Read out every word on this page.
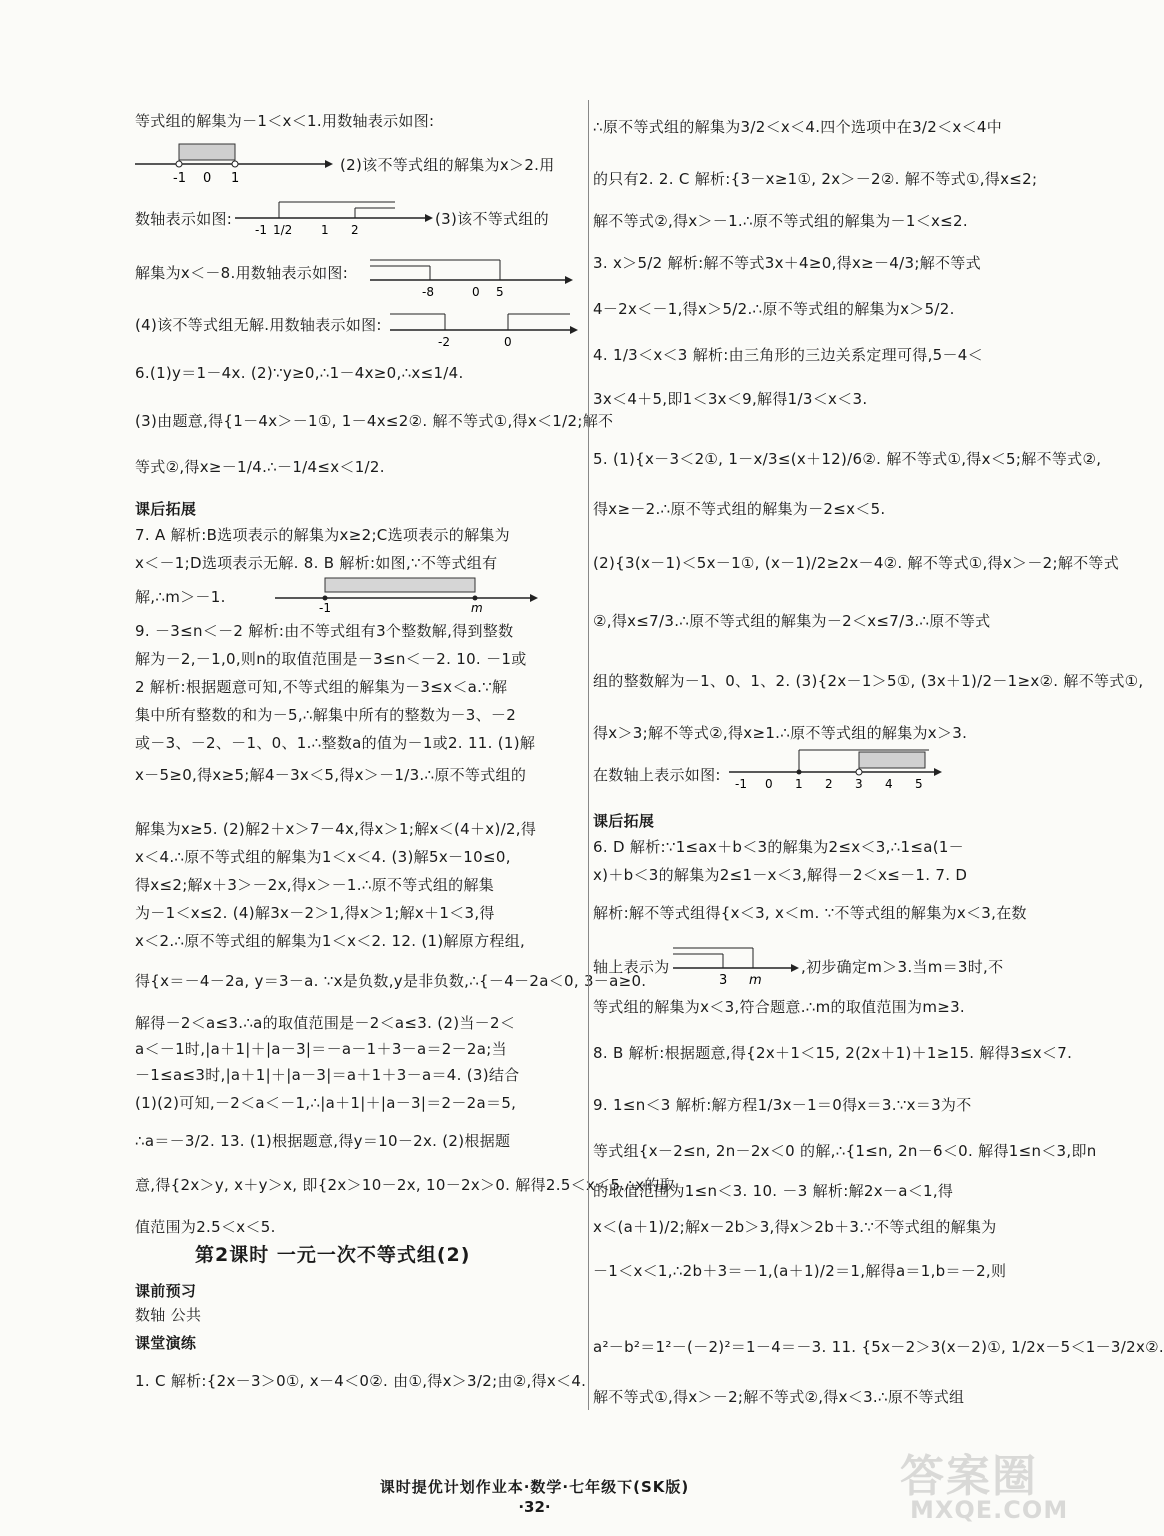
等式组的解集为－1＜x＜1.用数轴表示如图:
(2)该不等式组的解集为x＞2.用
数轴表示如图:	(3)该不等式组的
解集为x＜－8.用数轴表示如图:
(4)该不等式组无解.用数轴表示如图:
6.(1)y＝1－4x. (2)∵y≥0,∴1－4x≥0,∴x≤1/4.
(3)由题意,得{1－4x＞－1①, 1－4x≤2②. 解不等式①,得x＜1/2;解不
等式②,得x≥－1/4.∴－1/4≤x＜1/2.
课后拓展
7. A 解析:B选项表示的解集为x≥2;C选项表示的解集为
x＜－1;D选项表示无解. 8. B 解析:如图,∵不等式组有
解,∴m＞－1.
9. －3≤n＜－2 解析:由不等式组有3个整数解,得到整数
解为－2,－1,0,则n的取值范围是－3≤n＜－2. 10. －1或
2 解析:根据题意可知,不等式组的解集为－3≤x＜a.∵解
集中所有整数的和为－5,∴解集中所有的整数为－3、－2
或－3、－2、－1、0、1.∴整数a的值为－1或2. 11. (1)解
x－5≥0,得x≥5;解4－3x＜5,得x＞－1/3.∴原不等式组的
解集为x≥5. (2)解2＋x＞7－4x,得x＞1;解x＜(4＋x)/2,得
x＜4.∴原不等式组的解集为1＜x＜4. (3)解5x－10≤0,
得x≤2;解x＋3＞－2x,得x＞－1.∴原不等式组的解集
为－1＜x≤2. (4)解3x－2＞1,得x＞1;解x＋1＜3,得
x＜2.∴原不等式组的解集为1＜x＜2. 12. (1)解原方程组,
得{x＝－4－2a, y＝3－a. ∵x是负数,y是非负数,∴{－4－2a＜0, 3－a≥0.
解得－2＜a≤3.∴a的取值范围是－2＜a≤3. (2)当－2＜
a＜－1时,|a＋1|＋|a－3|＝－a－1＋3－a＝2－2a;当
－1≤a≤3时,|a＋1|＋|a－3|＝a＋1＋3－a＝4. (3)结合
(1)(2)可知,－2＜a＜－1,∴|a＋1|＋|a－3|＝2－2a＝5,
∴a＝－3/2. 13. (1)根据题意,得y＝10－2x. (2)根据题
意,得{2x＞y, x＋y＞x, 即{2x＞10－2x, 10－2x＞0. 解得2.5＜x＜5.∴x的取
值范围为2.5＜x＜5.
第2课时 一元一次不等式组(2)
课前预习
数轴 公共
课堂演练
1. C 解析:{2x－3＞0①, x－4＜0②. 由①,得x＞3/2;由②,得x＜4.
-1 0 1
-1 1/2 1 2
-8	0 5
-2	0
-1	m
∴原不等式组的解集为3/2＜x＜4.四个选项中在3/2＜x＜4中
的只有2. 2. C 解析:{3－x≥1①, 2x＞－2②. 解不等式①,得x≤2;
解不等式②,得x＞－1.∴原不等式组的解集为－1＜x≤2.
3. x＞5/2 解析:解不等式3x＋4≥0,得x≥－4/3;解不等式
4－2x＜－1,得x＞5/2.∴原不等式组的解集为x＞5/2.
4. 1/3＜x＜3 解析:由三角形的三边关系定理可得,5－4＜
3x＜4＋5,即1＜3x＜9,解得1/3＜x＜3.
5. (1){x－3＜2①, 1－x/3≤(x＋12)/6②. 解不等式①,得x＜5;解不等式②,
得x≥－2.∴原不等式组的解集为－2≤x＜5.
(2){3(x－1)＜5x－1①, (x－1)/2≥2x－4②. 解不等式①,得x＞－2;解不等式
②,得x≤7/3.∴原不等式组的解集为－2＜x≤7/3.∴原不等式
组的整数解为－1、0、1、2. (3){2x－1＞5①, (3x＋1)/2－1≥x②. 解不等式①,
得x＞3;解不等式②,得x≥1.∴原不等式组的解集为x＞3.
在数轴上表示如图:
课后拓展
6. D 解析:∵1≤ax＋b＜3的解集为2≤x＜3,∴1≤a(1－
x)＋b＜3的解集为2≤1－x＜3,解得－2＜x≤－1. 7. D
解析:解不等式组得{x＜3, x＜m. ∵不等式组的解集为x＜3,在数
轴上表示为	,初步确定m＞3.当m＝3时,不
等式组的解集为x＜3,符合题意.∴m的取值范围为m≥3.
8. B 解析:根据题意,得{2x＋1＜15, 2(2x＋1)＋1≥15. 解得3≤x＜7.
9. 1≤n＜3 解析:解方程1/3x－1＝0得x＝3.∵x＝3为不
等式组{x－2≤n, 2n－2x＜0 的解,∴{1≤n, 2n－6＜0. 解得1≤n＜3,即n
的取值范围为1≤n＜3. 10. －3 解析:解2x－a＜1,得
x＜(a＋1)/2;解x－2b＞3,得x＞2b＋3.∵不等式组的解集为
－1＜x＜1,∴2b＋3＝－1,(a＋1)/2＝1,解得a＝1,b＝－2,则
a²－b²＝1²－(－2)²＝1－4＝－3. 11. {5x－2＞3(x－2)①, 1/2x－5＜1－3/2x②.
解不等式①,得x＞－2;解不等式②,得x＜3.∴原不等式组
-1 0 1 2 3 4 5
3 m
课时提优计划作业本·数学·七年级下(SK版)
·32·
答案圈
MXQE.COM
